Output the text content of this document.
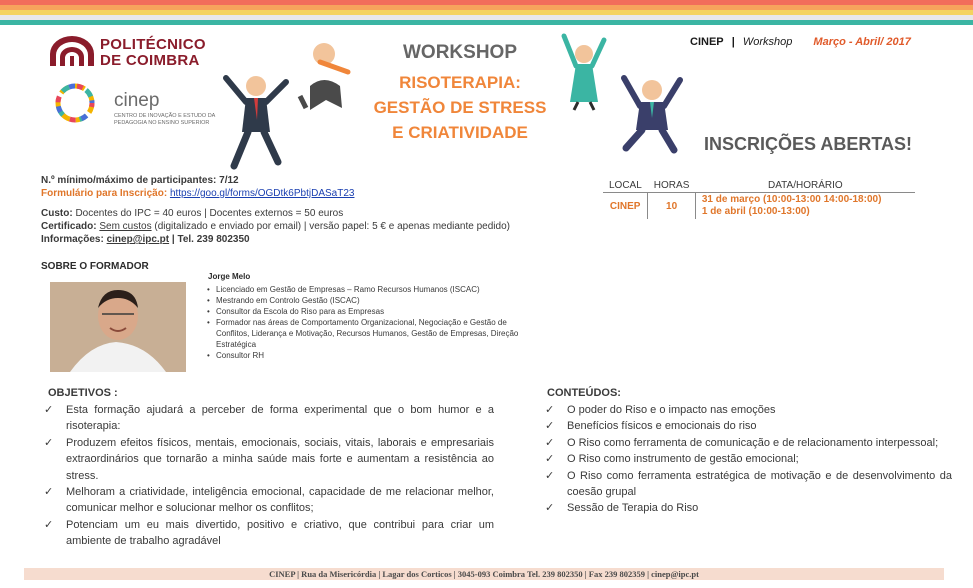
POLITÉCNICO
DE COIMBRA
cinep
CENTRO DE INOVAÇÃO E ESTUDO DA PEDAGOGIA NO ENSINO SUPERIOR
WORKSHOP
RISOTERAPIA:
GESTÃO DE STRESS
E CRIATIVIDADE
CINEP | Workshop Março - Abril/ 2017
INSCRIÇÕES ABERTAS!
N.º mínimo/máximo de participantes: 7/12
Formulário para Inscrição: https://goo.gl/forms/OGDtk6PbtjDASaT23
Custo: Docentes do IPC = 40 euros | Docentes externos = 50 euros
Certificado: Sem custos (digitalizado e enviado por email) | versão papel: 5 € e apenas mediante pedido)
Informações: cinep@ipc.pt | Tel. 239 802350
LOCAL	HORAS	DATA/HORÁRIO
CINEP	10	31 de março (10:00-13:00 14:00-18:00)
1 de abril (10:00-13:00)
SOBRE O FORMADOR
Jorge Melo
• Licenciado em Gestão de Empresas – Ramo Recursos Humanos (ISCAC)
• Mestrando em Controlo Gestão (ISCAC)
• Consultor da Escola do Riso para as Empresas
• Formador nas áreas de Comportamento Organizacional, Negociação e Gestão de Conflitos, Liderança e Motivação, Recursos Humanos, Gestão de Empresas, Direção Estratégica
• Consultor RH
OBJETIVOS :
✓ Esta formação ajudará a perceber de forma experimental que o bom humor e a risoterapia:
✓ Produzem efeitos físicos, mentais, emocionais, sociais, vitais, laborais e empresariais extraordinários que tornarão a minha saúde mais forte e aumentam a resistência ao stress.
✓ Melhoram a criatividade, inteligência emocional, capacidade de me relacionar melhor, comunicar melhor e solucionar melhor os conflitos;
✓ Potenciam um eu mais divertido, positivo e criativo, que contribui para criar um ambiente de trabalho agradável
CONTEÚDOS:
✓ O poder do Riso e o impacto nas emoções
✓ Benefícios físicos e emocionais do riso
✓ O Riso como ferramenta de comunicação e de relacionamento interpessoal;
✓ O Riso como instrumento de gestão emocional;
✓ O Riso como ferramenta estratégica de motivação e de desenvolvimento da coesão grupal
✓ Sessão de Terapia do Riso
CINEP | Rua da Misericórdia | Lagar dos Corticos | 3045-093 Coimbra Tel. 239 802350 | Fax 239 802359 | cinep@ipc.pt
